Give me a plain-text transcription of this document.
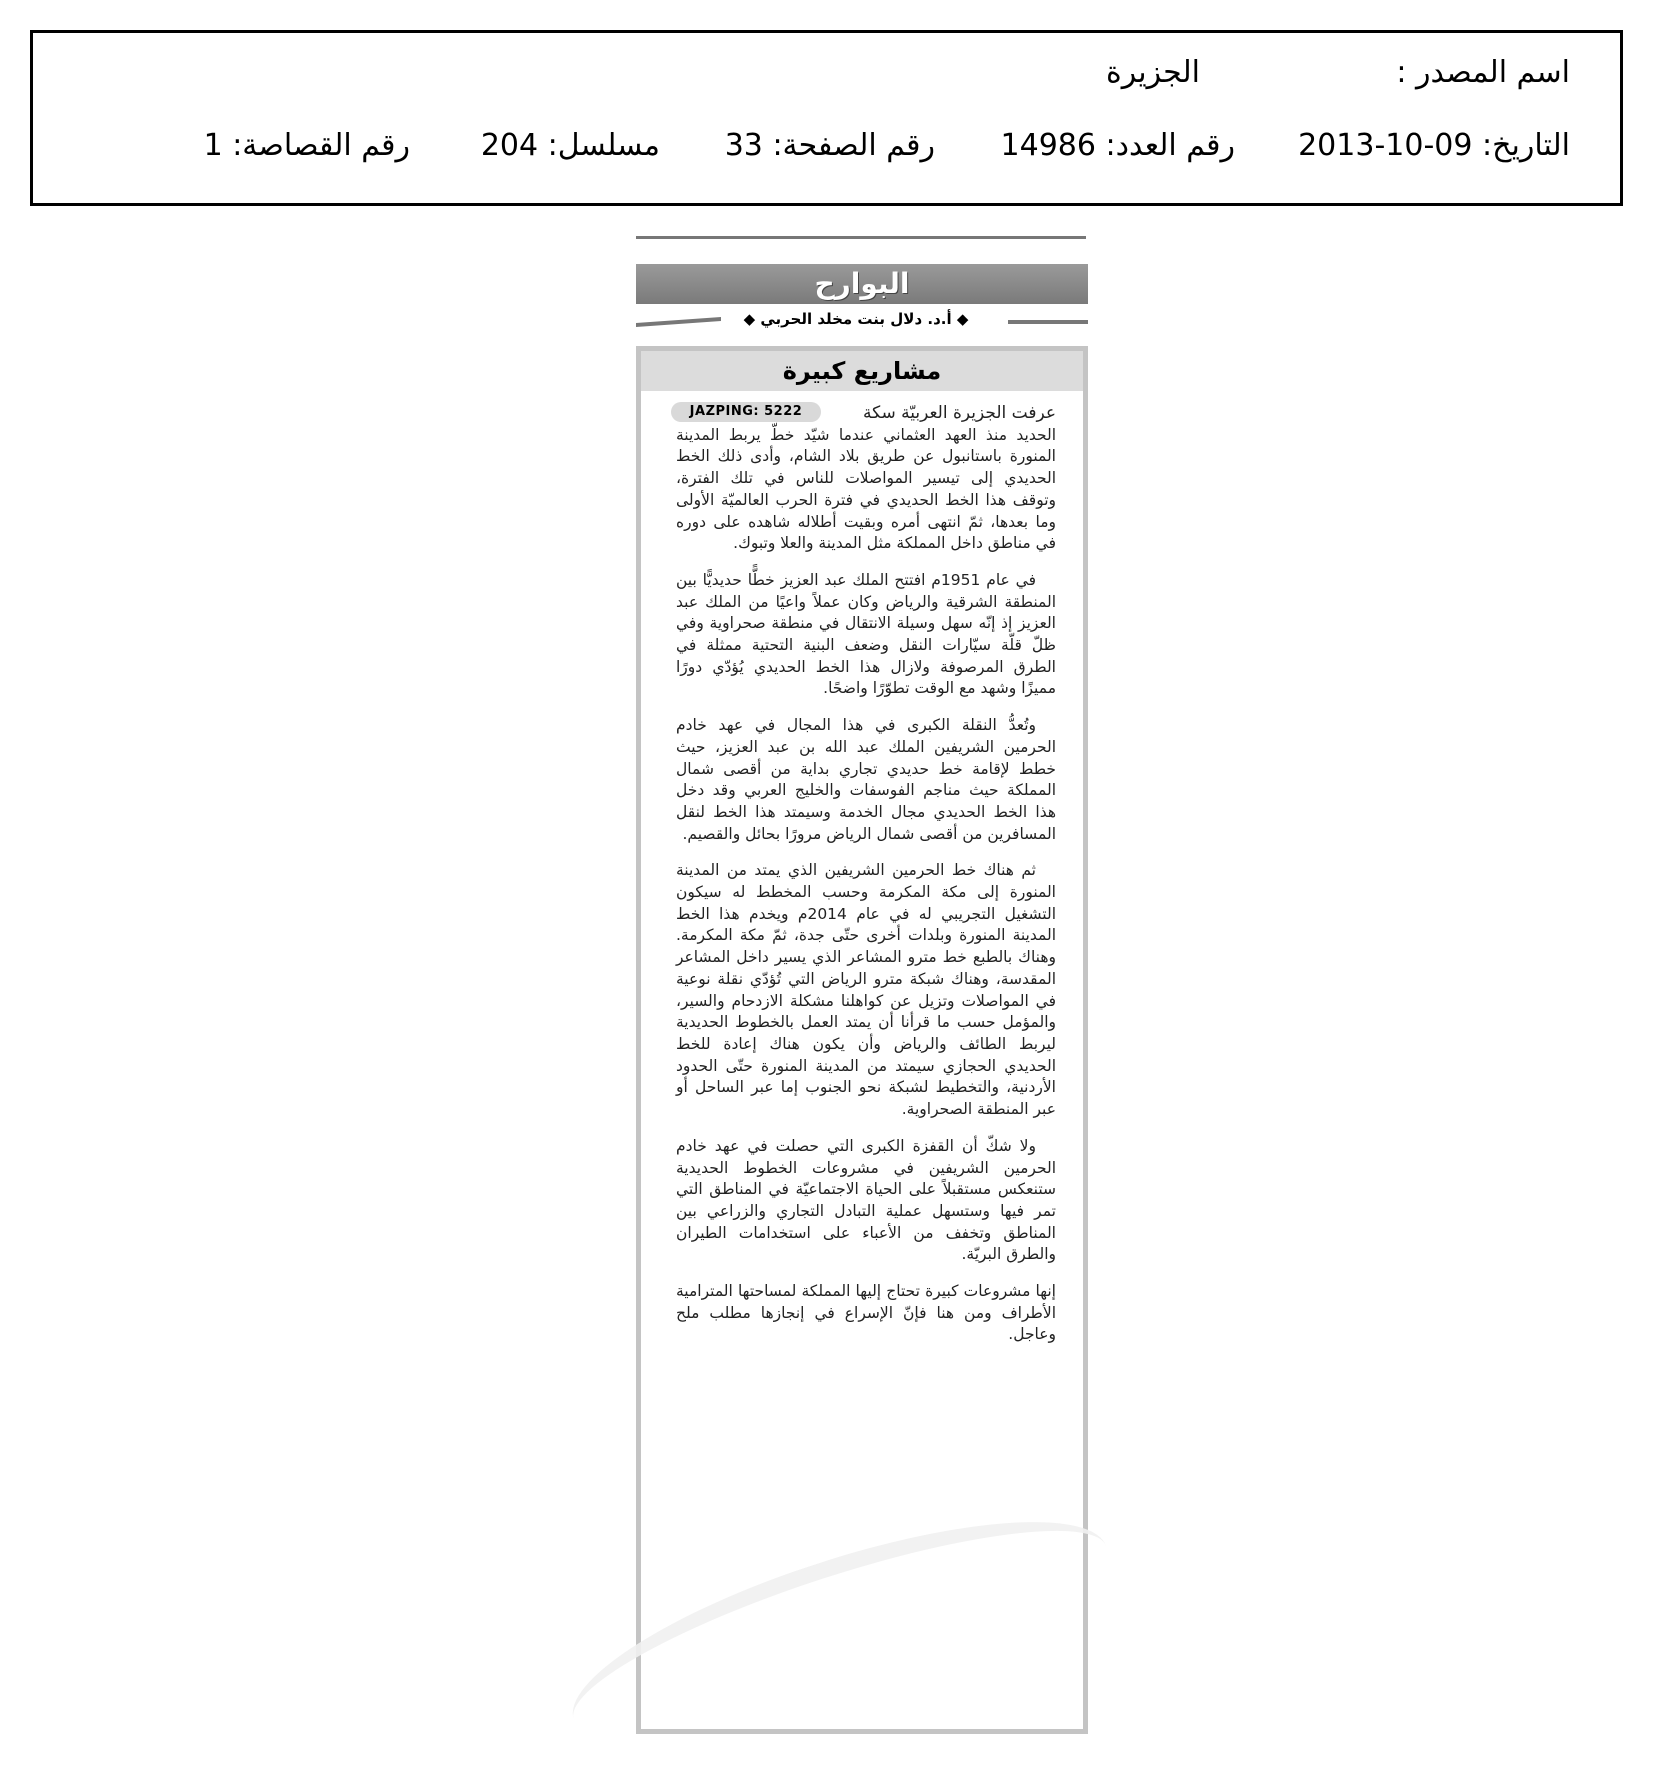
اسم المصدر :
الجزيرة
التاريخ: 09-10-2013
رقم العدد: 14986
رقم الصفحة: 33
مسلسل: 204
رقم القصاصة: 1
البوارح
◆ أ.د. دلال بنت مخلد الحربي ◆
مشاريع كبيرة
JAZPING: 5222	عرفت الجزيرة العربيّة سكة

الحديد منذ العهد العثماني عندما شيّد خطّ يربط المدينة المنورة باستانبول عن طريق بلاد الشام، وأدى ذلك الخط الحديدي إلى تيسير المواصلات للناس في تلك الفترة، وتوقف هذا الخط الحديدي في فترة الحرب العالميّة الأولى وما بعدها، ثمّ انتهى أمره وبقيت أطلاله شاهده على دوره في مناطق داخل المملكة مثل المدينة والعلا وتبوك.

في عام 1951م افتتح الملك عبد العزيز خطًّا حديديًّا بين المنطقة الشرقية والرياض وكان عملاً واعيًا من الملك عبد العزيز إذ إنّه سهل وسيلة الانتقال في منطقة صحراوية وفي ظلّ قلّة سيّارات النقل وضعف البنية التحتية ممثلة في الطرق المرصوفة ولازال هذا الخط الحديدي يُؤدّي دورًا مميزًا وشهد مع الوقت تطوّرًا واضحًا.

وتُعدُّ النقلة الكبرى في هذا المجال في عهد خادم الحرمين الشريفين الملك عبد الله بن عبد العزيز، حيث خطط لإقامة خط حديدي تجاري بداية من أقصى شمال المملكة حيث مناجم الفوسفات والخليج العربي وقد دخل هذا الخط الحديدي مجال الخدمة وسيمتد هذا الخط لنقل المسافرين من أقصى شمال الرياض مرورًا بحائل والقصيم.

ثم هناك خط الحرمين الشريفين الذي يمتد من المدينة المنورة إلى مكة المكرمة وحسب المخطط له سيكون التشغيل التجريبي له في عام 2014م ويخدم هذا الخط المدينة المنورة وبلدات أخرى حتّى جدة، ثمّ مكة المكرمة. وهناك بالطبع خط مترو المشاعر الذي يسير داخل المشاعر المقدسة، وهناك شبكة مترو الرياض التي تُؤدّي نقلة نوعية في المواصلات وتزيل عن كواهلنا مشكلة الازدحام والسير، والمؤمل حسب ما قرأنا أن يمتد العمل بالخطوط الحديدية ليربط الطائف والرياض وأن يكون هناك إعادة للخط الحديدي الحجازي سيمتد من المدينة المنورة حتّى الحدود الأردنية، والتخطيط لشبكة نحو الجنوب إما عبر الساحل أو عبر المنطقة الصحراوية.

ولا شكّ أن القفزة الكبرى التي حصلت في عهد خادم الحرمين الشريفين في مشروعات الخطوط الحديدية ستنعكس مستقبلاً على الحياة الاجتماعيّة في المناطق التي تمر فيها وستسهل عملية التبادل التجاري والزراعي بين المناطق وتخفف من الأعباء على استخدامات الطيران والطرق البريّة.

إنها مشروعات كبيرة تحتاج إليها المملكة لمساحتها المترامية الأطراف ومن هنا فإنّ الإسراع في إنجازها مطلب ملح وعاجل.
